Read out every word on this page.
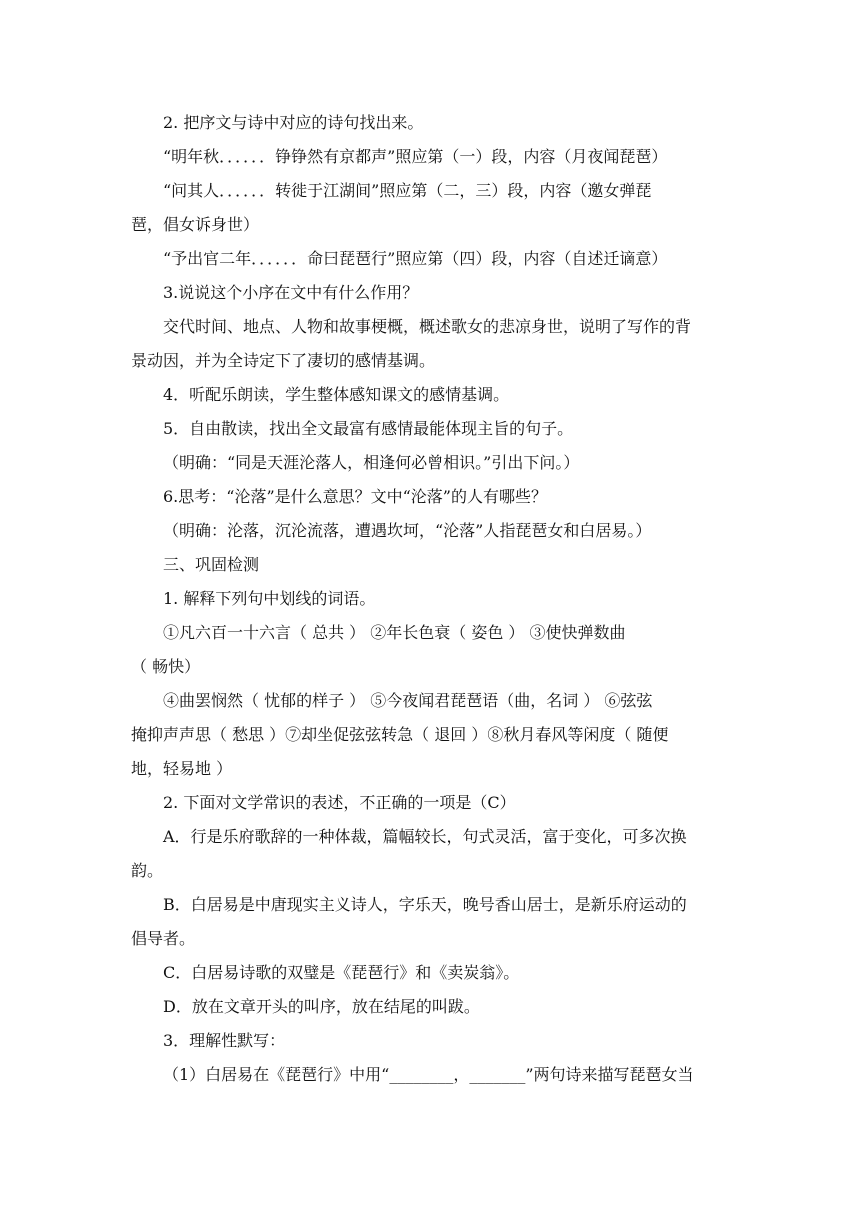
2. 把序文与诗中对应的诗句找出来。
“明年秋．．．．．．铮铮然有京都声”照应第（一）段，内容（月夜闻琵琶）
“问其人．．．．．．转徙于江湖间”照应第（二，三）段，内容（邀女弹琵
琶，倡女诉身世）
“予出官二年．．．．．．命曰琵琶行”照应第（四）段，内容（自述迁谪意）
3.说说这个小序在文中有什么作用？
交代时间、地点、人物和故事梗概，概述歌女的悲凉身世，说明了写作的背
景动因，并为全诗定下了凄切的感情基调。
4．听配乐朗读，学生整体感知课文的感情基调。
5．自由散读，找出全文最富有感情最能体现主旨的句子。
（明确：“同是天涯沦落人，相逢何必曾相识。”引出下问。）
6.思考：“沦落”是什么意思？文中“沦落”的人有哪些？
（明确：沦落，沉沦流落，遭遇坎坷，“沦落”人指琵琶女和白居易。）
三、巩固检测
1. 解释下列句中划线的词语。
①凡六百一十六言（ 总共 ） ②年长色衰（ 姿色 ） ③使快弹数曲
（ 畅快）
④曲罢悯然（ 忧郁的样子 ） ⑤今夜闻君琵琶语（曲，名词 ） ⑥弦弦
掩抑声声思（ 愁思 ）⑦却坐促弦弦转急（ 退回 ）⑧秋月春风等闲度（ 随便
地，轻易地 ）
2. 下面对文学常识的表述，不正确的一项是（C）
A．行是乐府歌辞的一种体裁，篇幅较长，句式灵活，富于变化，可多次换
韵。
B．白居易是中唐现实主义诗人，字乐天，晚号香山居士，是新乐府运动的
倡导者。
C．白居易诗歌的双璧是《琵琶行》和《卖炭翁》。
D．放在文章开头的叫序，放在结尾的叫跋。
3．理解性默写：
（1）白居易在《琵琶行》中用“________，_______”两句诗来描写琵琶女当
